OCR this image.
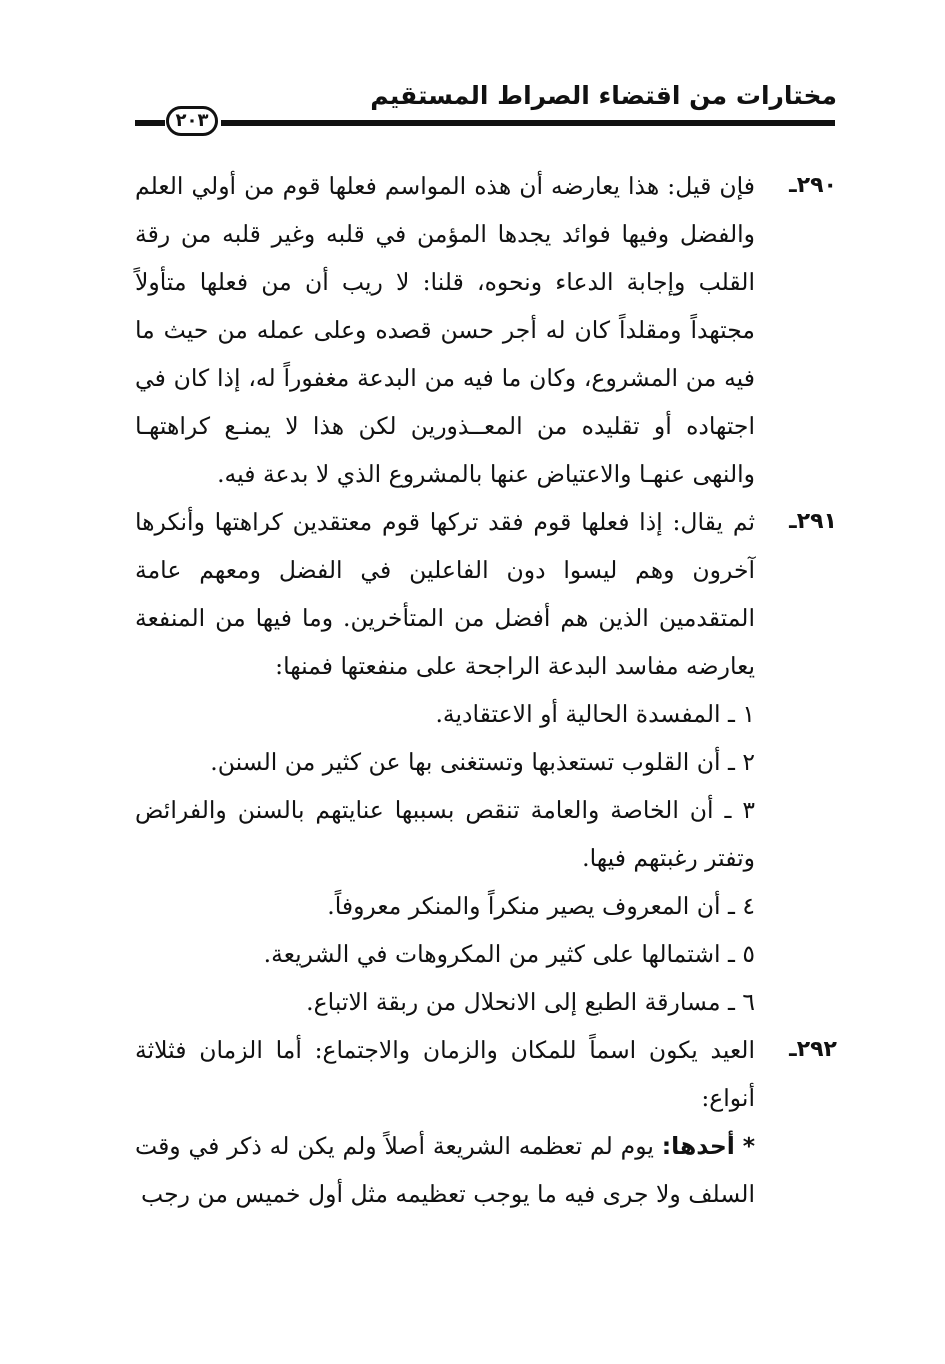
مختارات من اقتضاء الصراط المستقيم
٢٠٣

٢٩٠ـ
فإن قيل: هذا يعارضه أن هذه المواسم فعلها قوم من أولي العلم والفضل وفيها فوائد يجدها المؤمن في قلبه وغير قلبه من رقة القلب وإجابة الدعاء ونحوه، قلنا: لا ريب أن من فعلها متأولاً مجتهداً ومقلداً كان له أجر حسن قصده وعلى عمله من حيث ما فيه من المشروع، وكان ما فيه من البدعة مغفوراً له، إذا كان في اجتهاده أو تقليده من المعــذورين لكن هذا لا يمنـع كراهتهـا والنهى عنهـا والاعتياض عنها بالمشروع الذي لا بدعة فيه.

٢٩١ـ
ثم يقال: إذا فعلها قوم فقد تركها قوم معتقدين كراهتها وأنكرها آخرون وهم ليسوا دون الفاعلين في الفضل ومعهم عامة المتقدمين الذين هم أفضل من المتأخرين. وما فيها من المنفعة يعارضه مفاسد البدعة الراجحة على منفعتها فمنها:

١ ـ المفسدة الحالية أو الاعتقادية.

٢ ـ أن القلوب تستعذبها وتستغنى بها عن كثير من السنن.

٣ ـ أن الخاصة والعامة تنقص بسببها عنايتهم بالسنن والفرائض وتفتر رغبتهم فيها.

٤ ـ أن المعروف يصير منكراً والمنكر معروفاً.

٥ ـ اشتمالها على كثير من المكروهات في الشريعة.

٦ ـ مسارقة الطبع إلى الانحلال من ربقة الاتباع.

٢٩٢ـ
العيد يكون اسماً للمكان والزمان والاجتماع: أما الزمان فثلاثة أنواع:

* أحدها: يوم لم تعظمه الشريعة أصلاً ولم يكن له ذكر في وقت السلف ولا جرى فيه ما يوجب تعظيمه مثل أول خميس من رجب
